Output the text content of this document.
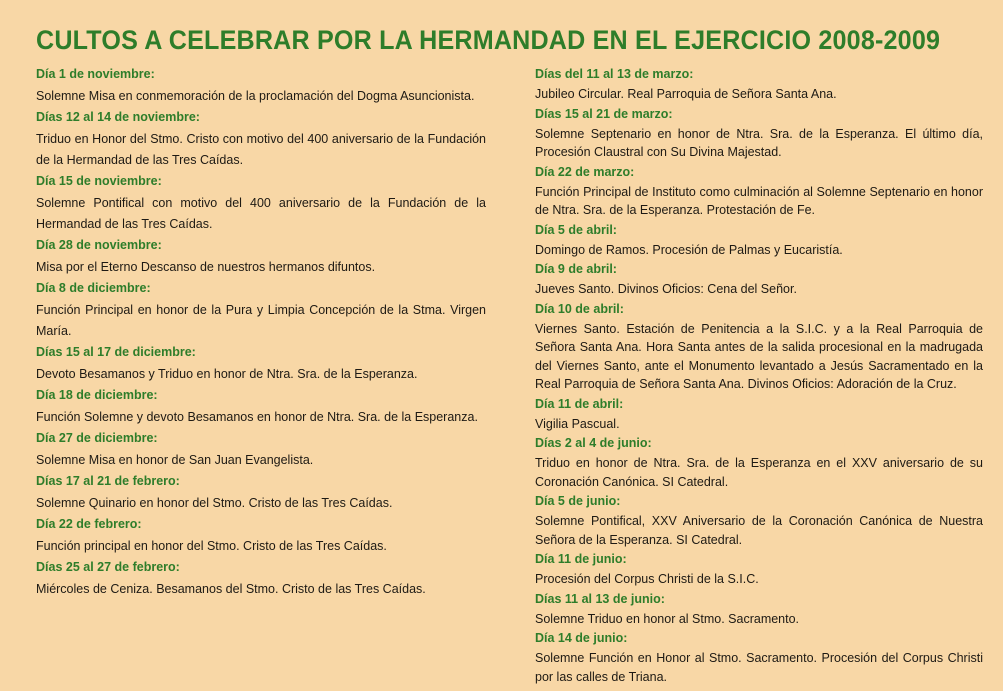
CULTOS A CELEBRAR POR LA HERMANDAD EN EL EJERCICIO 2008-2009
Día 1 de noviembre:
Solemne Misa en conmemoración de la proclamación del Dogma Asuncionista.
Días 12 al 14 de noviembre:
Triduo en Honor del Stmo. Cristo con motivo del 400 aniversario de la Fundación de la Hermandad de las Tres Caídas.
Día 15 de noviembre:
Solemne Pontifical con motivo del 400 aniversario de la Fundación de la Hermandad de las Tres Caídas.
Día 28 de noviembre:
Misa por el Eterno Descanso de nuestros hermanos difuntos.
Día 8 de diciembre:
Función Principal en honor de la Pura y Limpia Concepción de la Stma. Virgen María.
Días 15 al 17 de diciembre:
Devoto Besamanos y Triduo en honor de Ntra. Sra. de la Esperanza.
Día 18 de diciembre:
Función Solemne y devoto Besamanos en honor de Ntra. Sra. de la Esperanza.
Día 27 de diciembre:
Solemne Misa en honor de San Juan Evangelista.
Días 17 al 21 de febrero:
Solemne Quinario en honor del Stmo. Cristo de las Tres Caídas.
Día 22 de febrero:
Función principal en honor del Stmo. Cristo de las Tres Caídas.
Días 25 al 27 de febrero:
Miércoles de Ceniza. Besamanos del Stmo. Cristo de las Tres Caídas.
Días del 11 al 13 de marzo:
Jubileo Circular. Real Parroquia de Señora Santa Ana.
Días 15 al 21 de marzo:
Solemne Septenario en honor de Ntra. Sra. de la Esperanza. El último día, Procesión Claustral con Su Divina Majestad.
Día 22 de marzo:
Función Principal de Instituto como culminación al Solemne Septenario en honor de Ntra. Sra. de la Esperanza. Protestación de Fe.
Día 5 de abril:
Domingo de Ramos. Procesión de Palmas y Eucaristía.
Día 9 de abril:
Jueves Santo. Divinos Oficios: Cena del Señor.
Día 10 de abril:
Viernes Santo. Estación de Penitencia a la S.I.C. y a la Real Parroquia de Señora Santa Ana. Hora Santa antes de la salida procesional en la madrugada del Viernes Santo, ante el Monumento levantado a Jesús Sacramentado en la Real Parroquia de Señora Santa Ana. Divinos Oficios: Adoración de la Cruz.
Día 11 de abril:
Vigilia Pascual.
Días 2 al 4 de junio:
Triduo en honor de Ntra. Sra. de la Esperanza en el XXV aniversario de su Coronación Canónica. SI Catedral.
Día 5 de junio:
Solemne Pontifical, XXV Aniversario de la Coronación Canónica de Nuestra Señora de la Esperanza. SI Catedral.
Día 11 de junio:
Procesión del Corpus Christi de la S.I.C.
Días 11 al 13 de junio:
Solemne Triduo en honor al Stmo. Sacramento.
Día 14 de junio:
Solemne Función en Honor al Stmo. Sacramento. Procesión del Corpus Christi por las calles de Triana.
